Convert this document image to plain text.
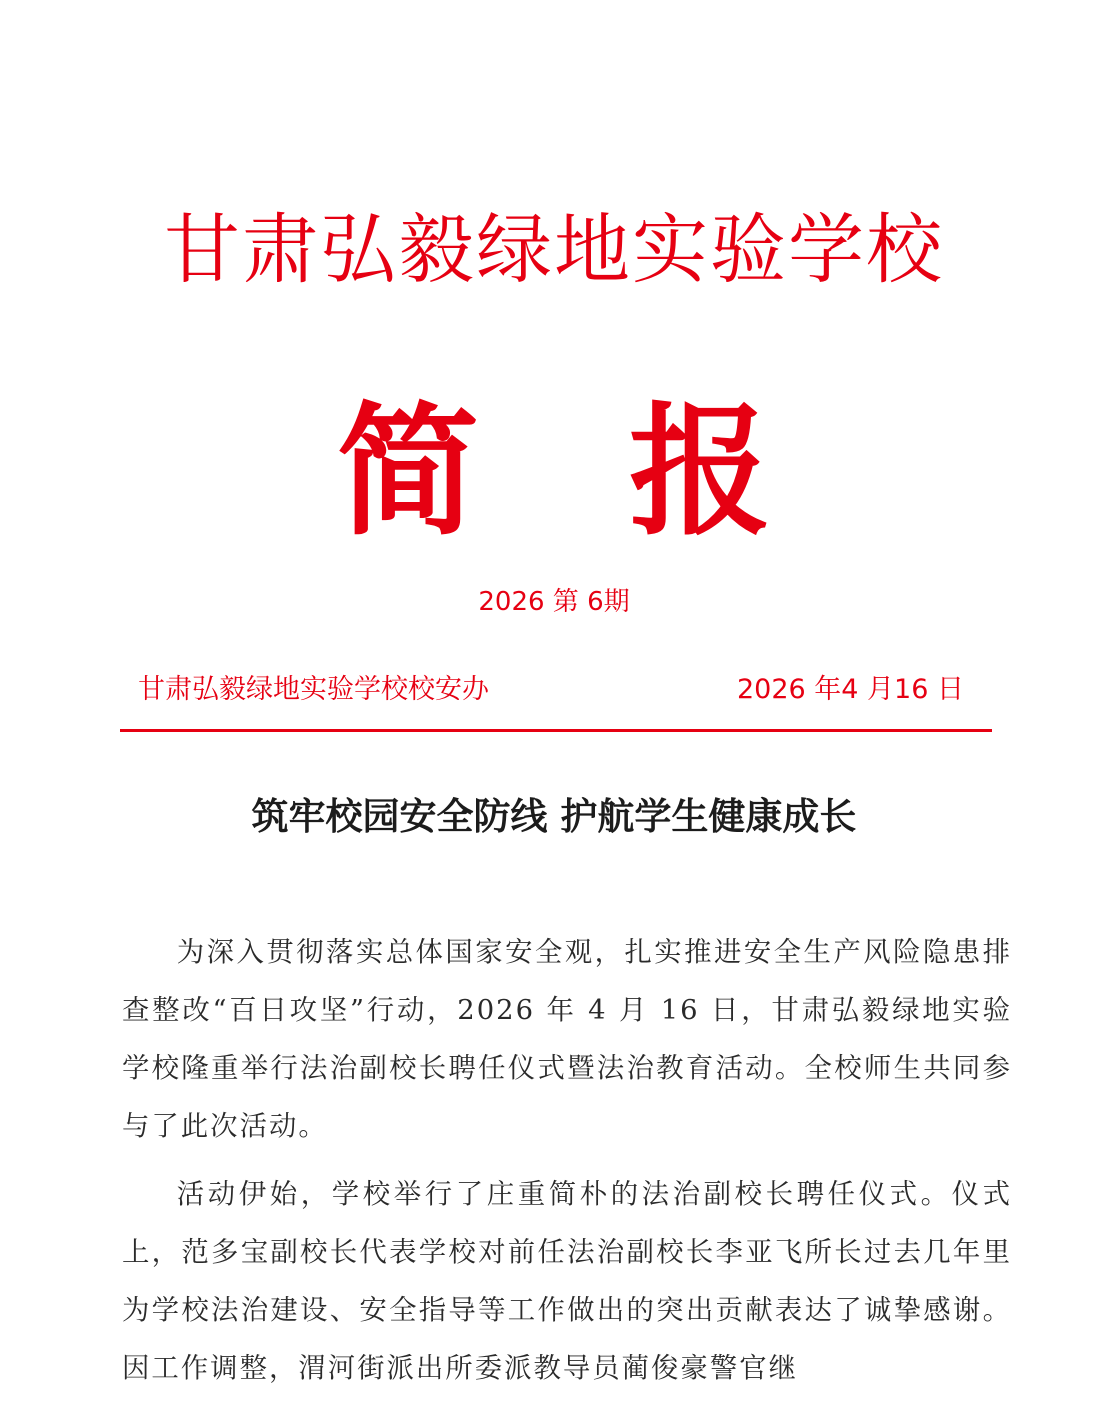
甘肃弘毅绿地实验学校
简 报
2026 第 6期
甘肃弘毅绿地实验学校校安办	2026 年4 月16 日
筑牢校园安全防线 护航学生健康成长

为深入贯彻落实总体国家安全观，扎实推进安全生产风险隐患排查整改“百日攻坚”行动，2026 年 4 月 16 日，甘肃弘毅绿地实验学校隆重举行法治副校长聘任仪式暨法治教育活动。全校师生共同参与了此次活动。

活动伊始，学校举行了庄重简朴的法治副校长聘任仪式。仪式上，范多宝副校长代表学校对前任法治副校长李亚飞所长过去几年里为学校法治建设、安全指导等工作做出的突出贡献表达了诚挚感谢。因工作调整，渭河街派出所委派教导员蔺俊豪警官继
